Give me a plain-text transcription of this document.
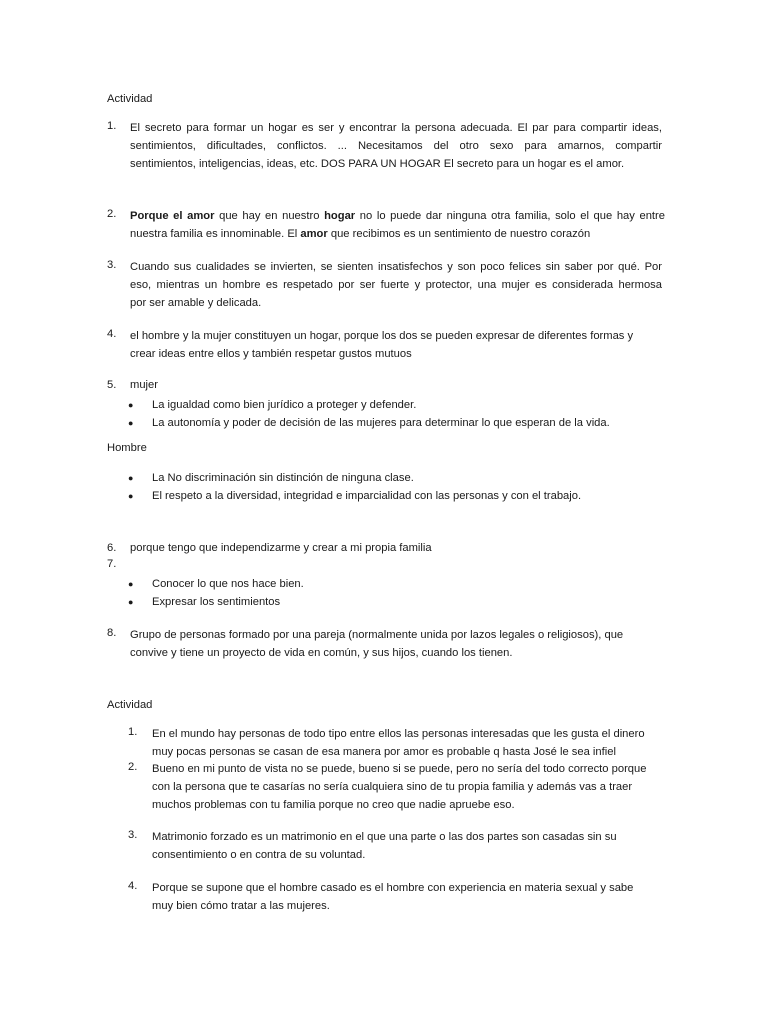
Actividad
1. El secreto para formar un hogar es ser y encontrar la persona adecuada. El par para compartir ideas,
sentimientos, dificultades, conflictos. ... Necesitamos del otro sexo para amarnos, compartir
sentimientos, inteligencias, ideas, etc. DOS PARA UN HOGAR El secreto para un hogar es el amor.
2. Porque el amor que hay en nuestro hogar no lo puede dar ninguna otra familia, solo el que hay entre
nuestra familia es innominable. El amor que recibimos es un sentimiento de nuestro corazón
3. Cuando sus cualidades se invierten, se sienten insatisfechos y son poco felices sin saber por qué. Por
eso, mientras un hombre es respetado por ser fuerte y protector, una mujer es considerada hermosa
por ser amable y delicada.
4. el hombre y la mujer constituyen un hogar, porque los dos se pueden expresar de diferentes formas y
crear ideas entre ellos y también respetar gustos mutuos
5. mujer
● La igualdad como bien jurídico a proteger y defender.
● La autonomía y poder de decisión de las mujeres para determinar lo que esperan de la vida.
Hombre
● La No discriminación sin distinción de ninguna clase.
● El respeto a la diversidad, integridad e imparcialidad con las personas y con el trabajo.
6. porque tengo que independizarme y crear a mi propia familia
7.
● Conocer lo que nos hace bien.
● Expresar los sentimientos
8. Grupo de personas formado por una pareja (normalmente unida por lazos legales o religiosos), que
convive y tiene un proyecto de vida en común, y sus hijos, cuando los tienen.
Actividad
1. En el mundo hay personas de todo tipo entre ellos las personas interesadas que les gusta el dinero
muy pocas personas se casan de esa manera por amor es probable q hasta José le sea infiel
2. Bueno en mi punto de vista no se puede, bueno si se puede, pero no sería del todo correcto porque
con la persona que te casarías no sería cualquiera sino de tu propia familia y además vas a traer
muchos problemas con tu familia porque no creo que nadie apruebe eso.
3. Matrimonio forzado es un matrimonio en el que una parte o las dos partes son casadas sin su
consentimiento o en contra de su voluntad.
4. Porque se supone que el hombre casado es el hombre con experiencia en materia sexual y sabe
muy bien cómo tratar a las mujeres.
